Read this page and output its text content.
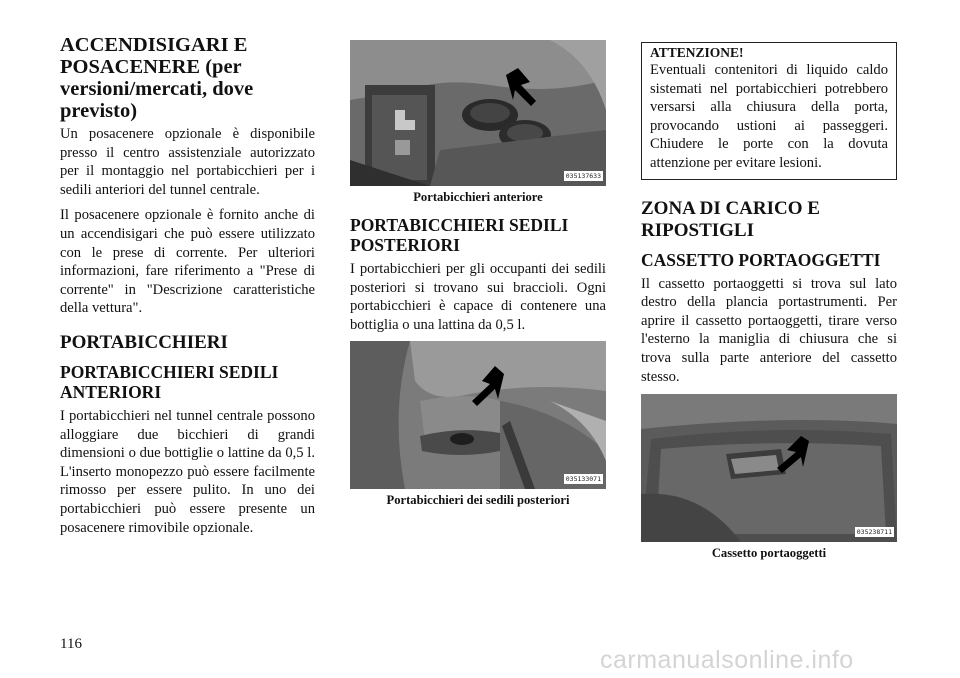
ACCENDISIGARI E POSACENERE (per versioni/mercati, dove previsto)

Un posacenere opzionale è disponibile presso il centro assistenziale autorizzato per il montaggio nel portabicchieri per i sedili anteriori del tunnel centrale.

Il posacenere opzionale è fornito anche di un accendisigari che può essere utilizzato con le prese di corrente. Per ulteriori informazioni, fare riferimento a "Prese di corrente" in "Descrizione caratteristiche della vettura".

PORTABICCHIERI
PORTABICCHIERI SEDILI ANTERIORI

I portabicchieri nel tunnel centrale possono alloggiare due bicchieri di grandi dimensioni o due bottiglie o lattine da 0,5 l. L'inserto monopezzo può essere facilmente rimosso per essere pulito. In uno dei portabicchieri può essere presente un posacenere rimovibile opzionale.

035137633
Portabicchieri anteriore
PORTABICCHIERI SEDILI POSTERIORI

I portabicchieri per gli occupanti dei sedili posteriori si trovano sui braccioli. Ogni portabicchieri è capace di contenere una bottiglia o una lattina da 0,5 l.

035133071
Portabicchieri dei sedili posteriori
ATTENZIONE!

Eventuali contenitori di liquido caldo sistemati nel portabicchieri potrebbero versarsi alla chiusura della porta, provocando ustioni ai passeggeri. Chiudere le porte con la dovuta attenzione per evitare lesioni.

ZONA DI CARICO E RIPOSTIGLI
CASSETTO PORTAOGGETTI

Il cassetto portaoggetti si trova sul lato destro della plancia portastrumenti. Per aprire il cassetto portaoggetti, tirare verso l'esterno la maniglia di chiusura che si trova sulla parte anteriore del cassetto stesso.

035238711
Cassetto portaoggetti
116
carmanualsonline.info
